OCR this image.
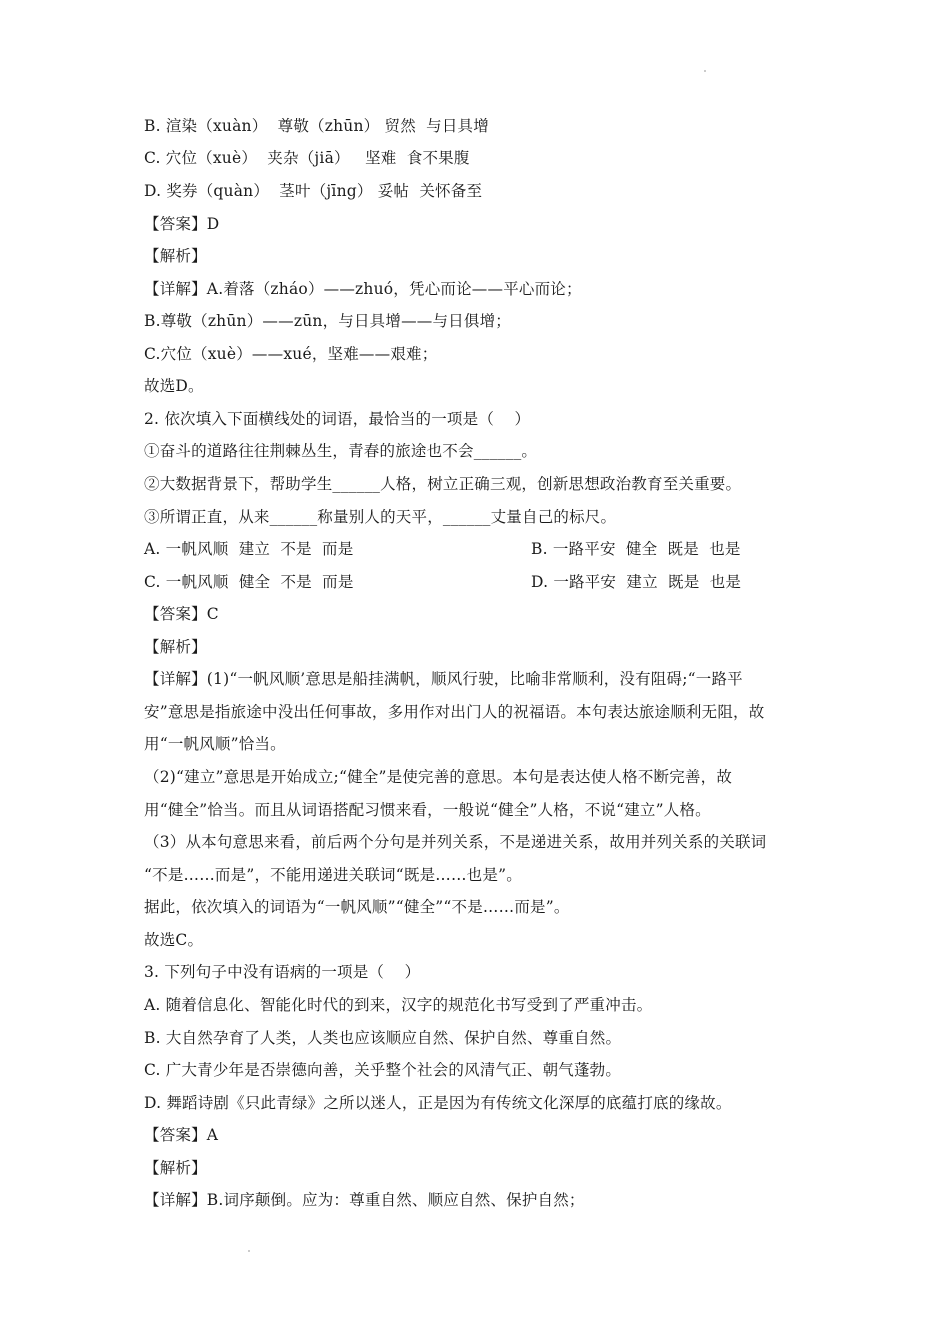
B. 渲染（xuàn）  尊敬（zhūn） 贸然  与日具增
C. 穴位（xuè）  夹杂（jiā）   坚难  食不果腹
D. 奖券（quàn）  茎叶（jīng） 妥帖  关怀备至
【答案】D
【解析】
【详解】A.着落（zháo）——zhuó，凭心而论——平心而论；
B.尊敬（zhūn）——zūn，与日具增——与日俱增；
C.穴位（xuè）——xué，坚难——艰难；
故选D。
2. 依次填入下面横线处的词语，最恰当的一项是（    ）
①奋斗的道路往往荆棘丛生，青春的旅途也不会______。
②大数据背景下，帮助学生______人格，树立正确三观，创新思想政治教育至关重要。
③所谓正直，从来______称量别人的天平，______丈量自己的标尺。
A. 一帆风顺  建立  不是  而是	B. 一路平安  健全  既是  也是
C. 一帆风顺  健全  不是  而是	D. 一路平安  建立  既是  也是
【答案】C
【解析】
【详解】(1)“一帆风顺’意思是船挂满帆，顺风行驶，比喻非常顺利，没有阻碍;“一路平
安”意思是指旅途中没出任何事故，多用作对出门人的祝福语。本句表达旅途顺利无阻，故
用“一帆风顺”恰当。
（2)“建立”意思是开始成立;“健全”是使完善的意思。本句是表达使人格不断完善，故
用“健全”恰当。而且从词语搭配习惯来看，一般说“健全”人格，不说“建立”人格。
（3）从本句意思来看，前后两个分句是并列关系，不是递进关系，故用并列关系的关联词
“不是……而是”，不能用递进关联词“既是……也是”。
据此，依次填入的词语为“一帆风顺”“健全”“不是……而是”。
故选C。
3. 下列句子中没有语病的一项是（    ）
A. 随着信息化、智能化时代的到来，汉字的规范化书写受到了严重冲击。
B. 大自然孕育了人类，人类也应该顺应自然、保护自然、尊重自然。
C. 广大青少年是否崇德向善，关乎整个社会的风清气正、朝气蓬勃。
D. 舞蹈诗剧《只此青绿》之所以迷人，正是因为有传统文化深厚的底蕴打底的缘故。
【答案】A
【解析】
【详解】B.词序颠倒。应为：尊重自然、顺应自然、保护自然；
